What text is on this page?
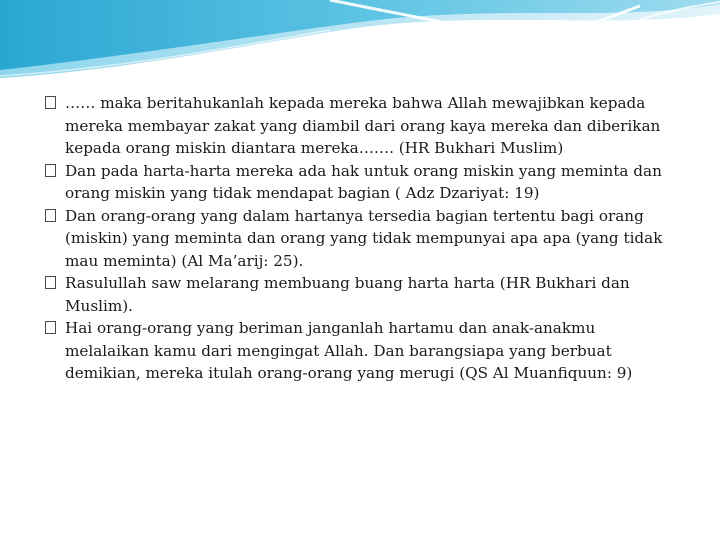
…… maka beritahukanlah kepada mereka bahwa Allah mewajibkan kepada mereka membayar zakat yang diambil dari orang kaya mereka dan diberikan kepada orang miskin diantara mereka……. (HR Bukhari Muslim)
Dan pada harta-harta mereka ada hak untuk orang miskin yang meminta dan orang miskin yang tidak mendapat bagian ( Adz Dzariyat: 19)
Dan orang-orang yang dalam hartanya tersedia bagian tertentu bagi orang (miskin) yang meminta dan orang yang tidak mempunyai apa apa (yang tidak mau meminta) (Al Ma’arij: 25).
Rasulullah saw melarang membuang buang harta harta (HR Bukhari dan Muslim).
Hai orang-orang yang beriman janganlah hartamu dan anak-anakmu melalaikan kamu dari mengingat Allah. Dan barangsiapa yang berbuat demikian, mereka itulah orang-orang yang merugi (QS Al Muanfiquun: 9)
